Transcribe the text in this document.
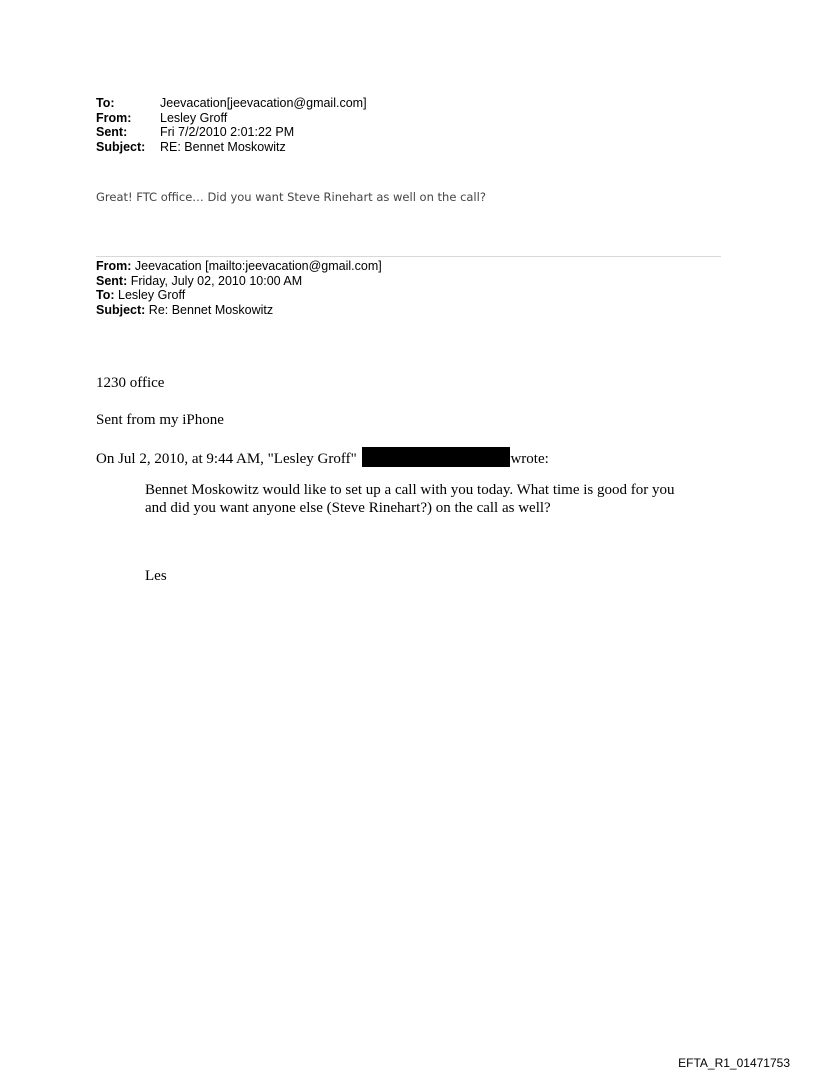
To:	Jeevacation[jeevacation@gmail.com]
From:	Lesley Groff
Sent:	Fri 7/2/2010 2:01:22 PM
Subject:	RE: Bennet Moskowitz
Great! FTC office… Did you want Steve Rinehart as well on the call?
From: Jeevacation [mailto:jeevacation@gmail.com]
Sent: Friday, July 02, 2010 10:00 AM
To: Lesley Groff
Subject: Re: Bennet Moskowitz
1230 office
Sent from my iPhone
On Jul 2, 2010, at 9:44 AM, "Lesley Groff"	wrote:
Bennet Moskowitz would like to set up a call with you today. What time is good for you and did you want anyone else (Steve Rinehart?) on the call as well?
Les
EFTA_R1_01471753
